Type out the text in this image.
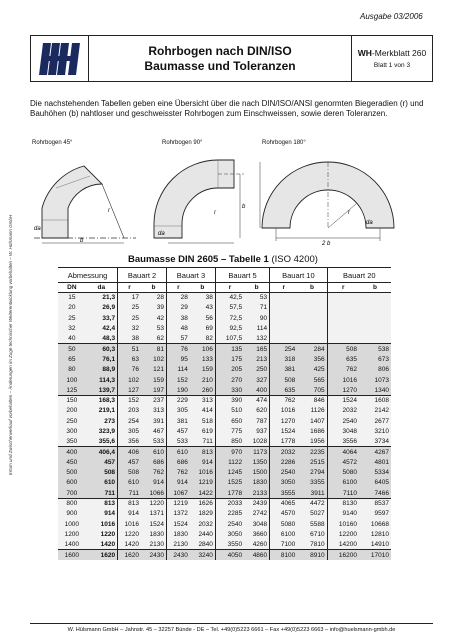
Ausgabe 03/2006
Rohrbogen nach DIN/ISO
Baumasse und Toleranzen
WH-Merkblatt 260
Blatt 1 von 3
Die nachstehenden Tabellen geben eine Übersicht über die nach DIN/ISO/ANSI genormten Biegeradien (r) und Bauhöhen (b) nahtloser und geschweisster Rohrbogen zum Einschweissen, sowie deren Toleranzen.
Irrtum und Zwischenverkauf vorbehalten – Änderungen im Zuge technischer Weiterentwicklung vorbehalten – W. Hülsmann GmbH
Rohrbogen 45°	Rohrbogen 90°	Rohrbogen 180°
b
da
r
b
da
r	r
2 b
da
Baumasse DIN 2605 – Tabelle 1 (ISO 4200)
Abmessung		Bauart 2		Bauart 3		Bauart 5		Bauart 10		Bauart 20	
DN	da	r	b	r	b	r	b	r	b	r	b
15	21,3	17	28	28	38	42,5	53				
20	26,9	25	39	29	43	57,5	71				
25	33,7	25	42	38	56	72,5	90				
32	42,4	32	53	48	69	92,5	114				
40	48,3	38	62	57	82	107,5	132				
50	60,3	51	81	76	106	135	165	254	284	508	538
65	76,1	63	102	95	133	175	213	318	356	635	673
80	88,9	76	121	114	159	205	250	381	425	762	806
100	114,3	102	159	152	210	270	327	508	565	1016	1073
125	139,7	127	197	190	260	330	400	635	705	1270	1340
150	168,3	152	237	229	313	390	474	762	846	1524	1608
200	219,1	203	313	305	414	510	620	1016	1126	2032	2142
250	273	254	391	381	518	650	787	1270	1407	2540	2677
300	323,9	305	467	457	619	775	937	1524	1686	3048	3210
350	355,6	356	533	533	711	850	1028	1778	1956	3556	3734
400	406,4	406	610	610	813	970	1173	2032	2235	4064	4267
450	457	457	686	686	914	1122	1350	2286	2515	4572	4801
500	508	508	762	762	1016	1245	1500	2540	2794	5080	5334
600	610	610	914	914	1219	1525	1830	3050	3355	6100	6405
700	711	711	1066	1067	1422	1778	2133	3555	3911	7110	7466
800	813	813	1220	1219	1626	2033	2439	4065	4472	8130	8537
900	914	914	1371	1372	1829	2285	2742	4570	5027	9140	9597
1000	1016	1016	1524	1524	2032	2540	3048	5080	5588	10160	10668
1200	1220	1220	1830	1830	2440	3050	3660	6100	6710	12200	12810
1400	1420	1420	2130	2130	2840	3550	4260	7100	7810	14200	14910
1600	1620	1620	2430	2430	3240	4050	4860	8100	8910	16200	17010
W. Hülsmann GmbH – Jahnstr. 45 – 32257 Bünde - DE – Tel. +49(0)5223 6661 – Fax +49(0)5223 6663 – info@huelsmann-gmbh.de
